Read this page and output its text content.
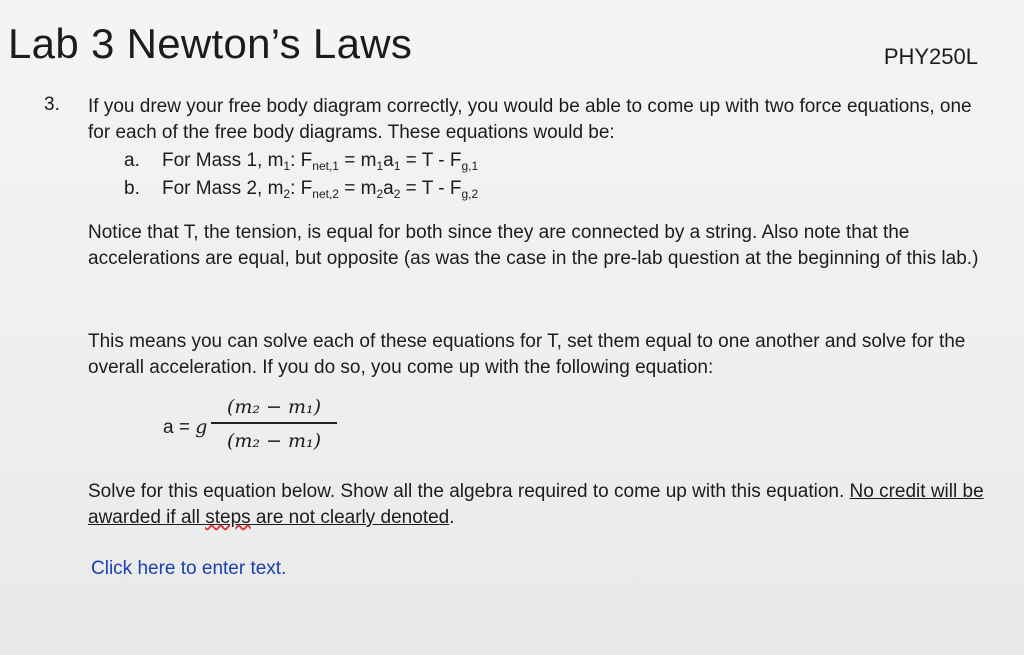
Lab 3 Newton’s Laws	PHY250L
3. If you drew your free body diagram correctly, you would be able to come up with two force equations, one for each of the free body diagrams. These equations would be:
a. For Mass 1, $m_1$: $F_{net,1} = m_1a_1 = T - F_{g,1}$
b. For Mass 2, $m_2$: $F_{net,2} = m_2a_2 = T - F_{g,2}$
Notice that T, the tension, is equal for both since they are connected by a string. Also note that the accelerations are equal, but opposite (as was the case in the pre-lab question at the beginning of this lab.)
This means you can solve each of these equations for T, set them equal to one another and solve for the overall acceleration. If you do so, you come up with the following equation:
a = g
(m₂ − m₁)
(m₂ − m₁)
Solve for this equation below. Show all the algebra required to come up with this equation. No credit will be awarded if all steps are not clearly denoted.
Click here to enter text.
